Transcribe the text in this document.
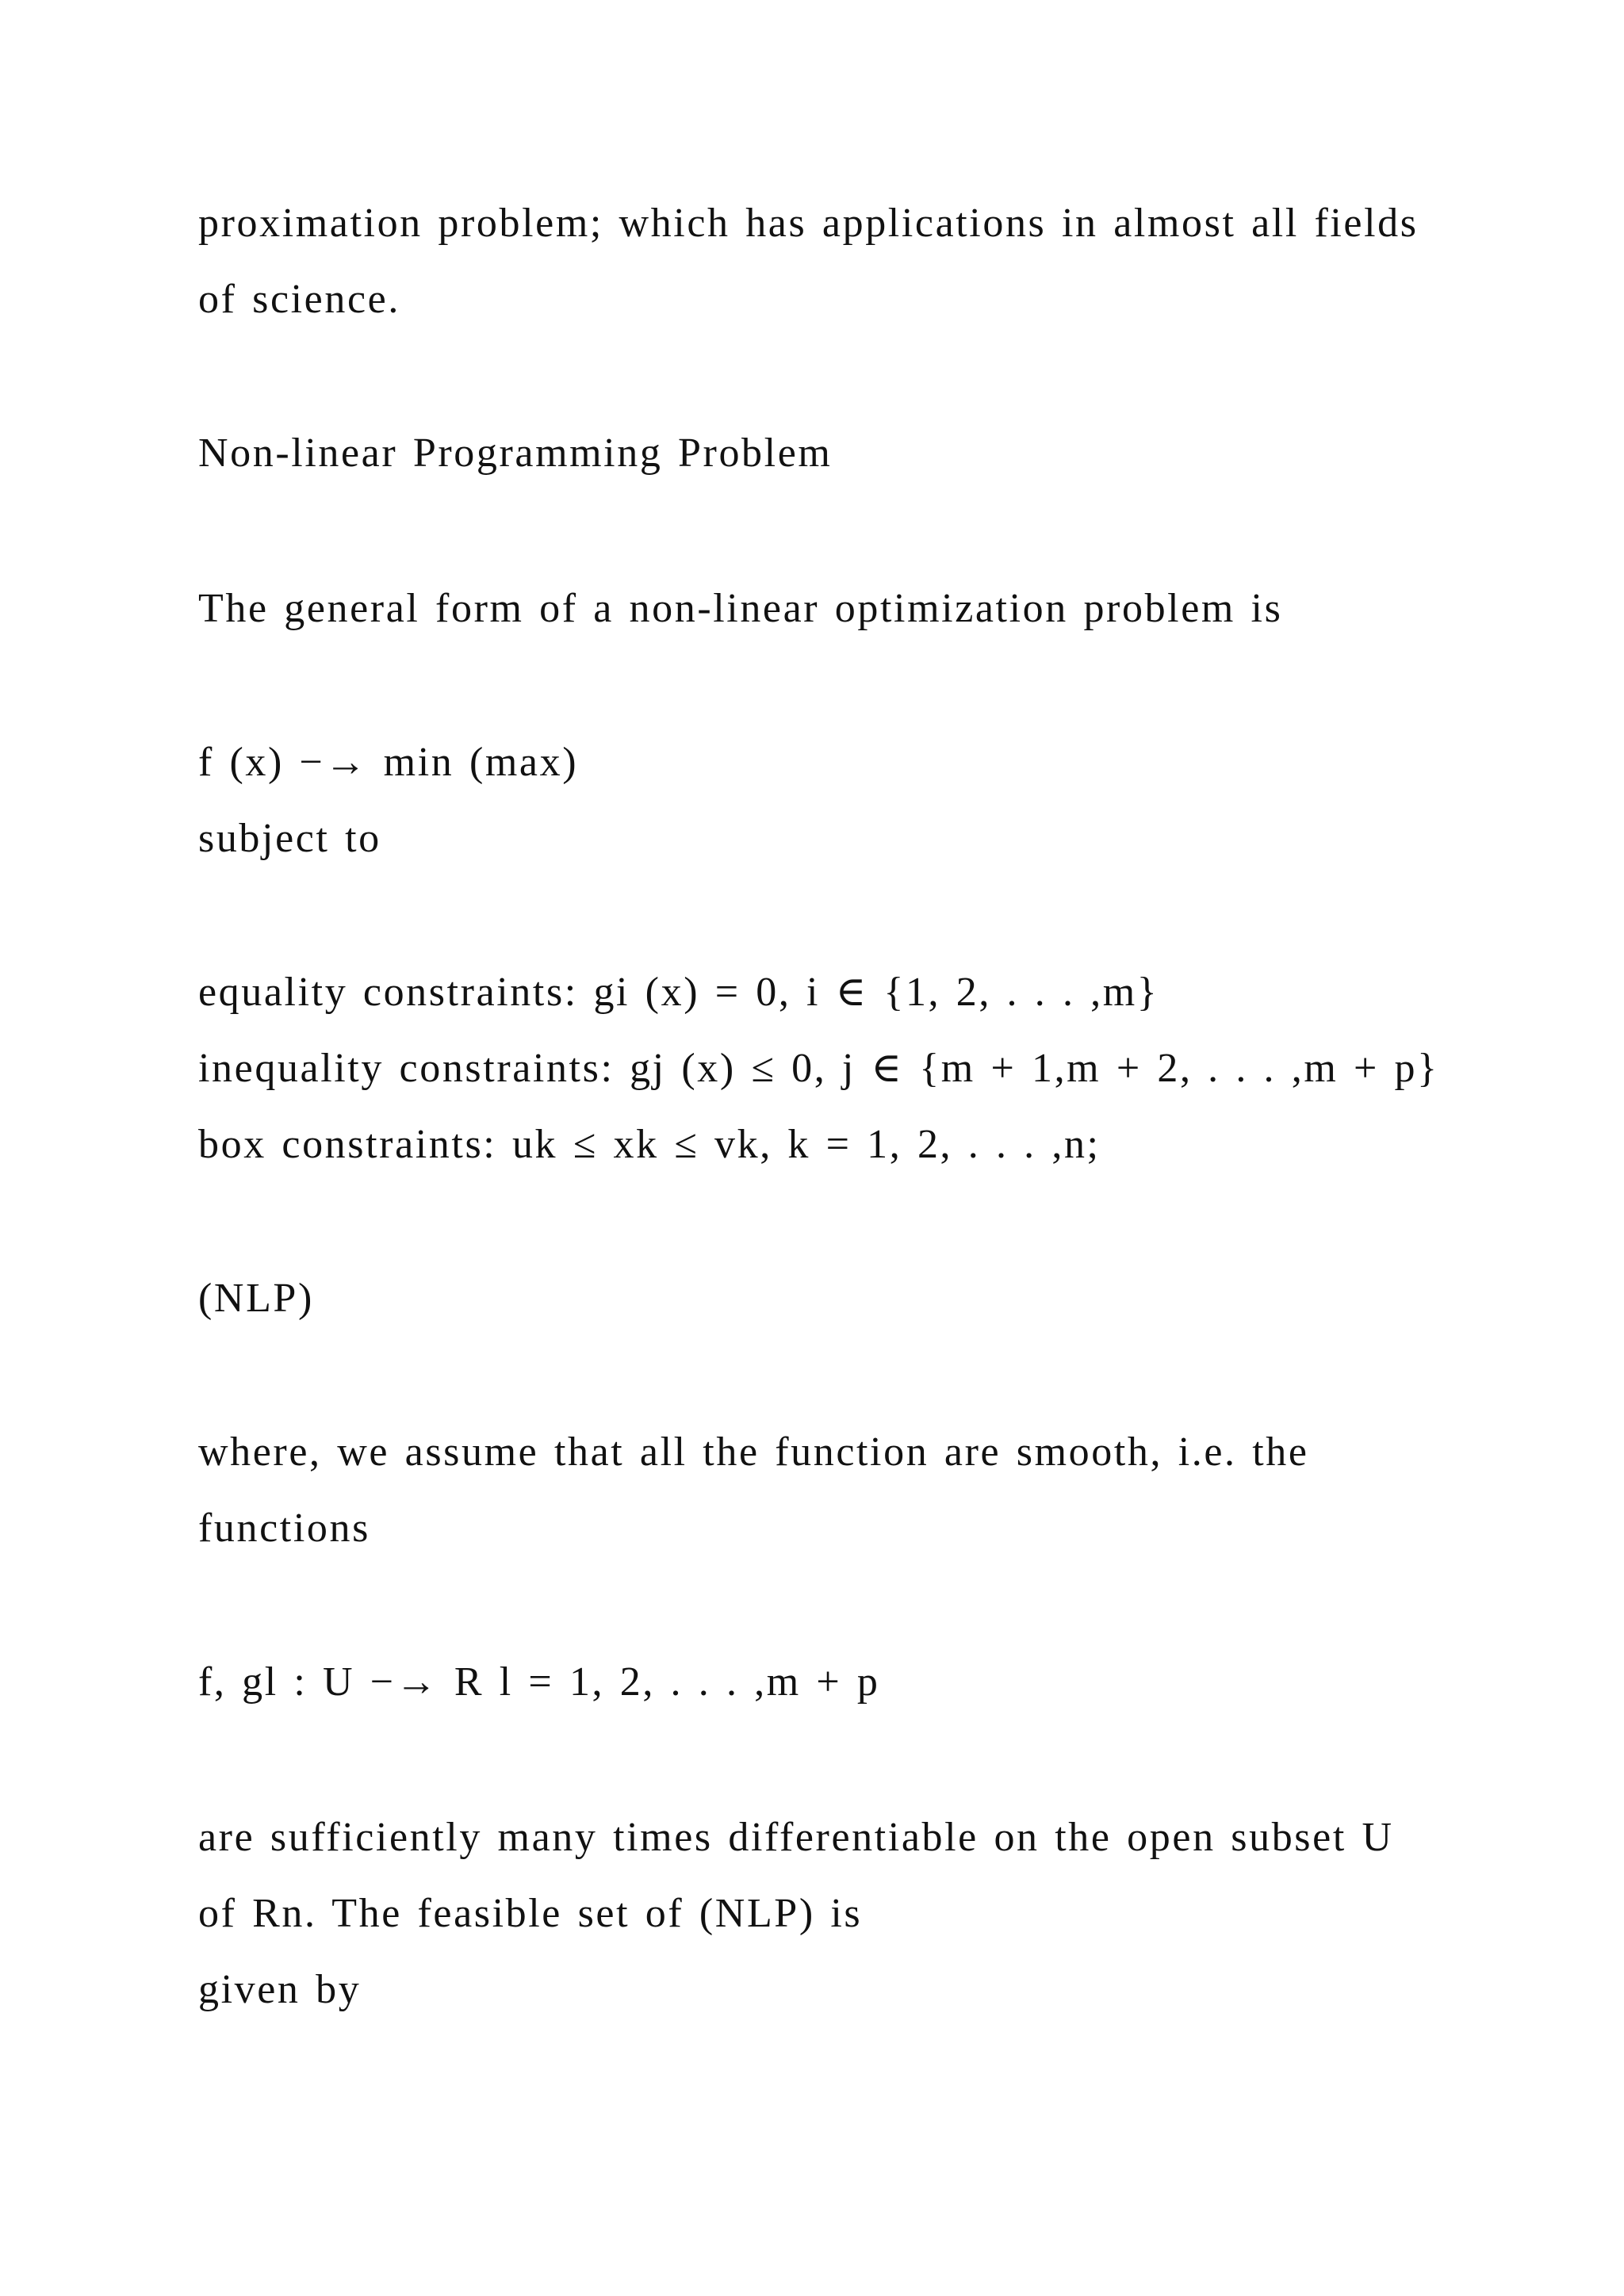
proximation problem; which has applications in almost all fields

of science.

Non-linear Programming Problem

The general form of a non-linear optimization problem is

f (x) −→ min (max)

subject to

equality constraints: gi (x) = 0, i ∈ {1, 2, . . . ,m}

inequality constraints: gj (x) ≤ 0, j ∈ {m + 1,m + 2, . . . ,m + p}

box constraints: uk ≤ xk ≤ vk, k = 1, 2, . . . ,n;

(NLP)

where, we assume that all the function are smooth, i.e. the

functions

f, gl : U −→ R l = 1, 2, . . . ,m + p

are sufficiently many times differentiable on the open subset U

of Rn. The feasible set of (NLP) is

given by
